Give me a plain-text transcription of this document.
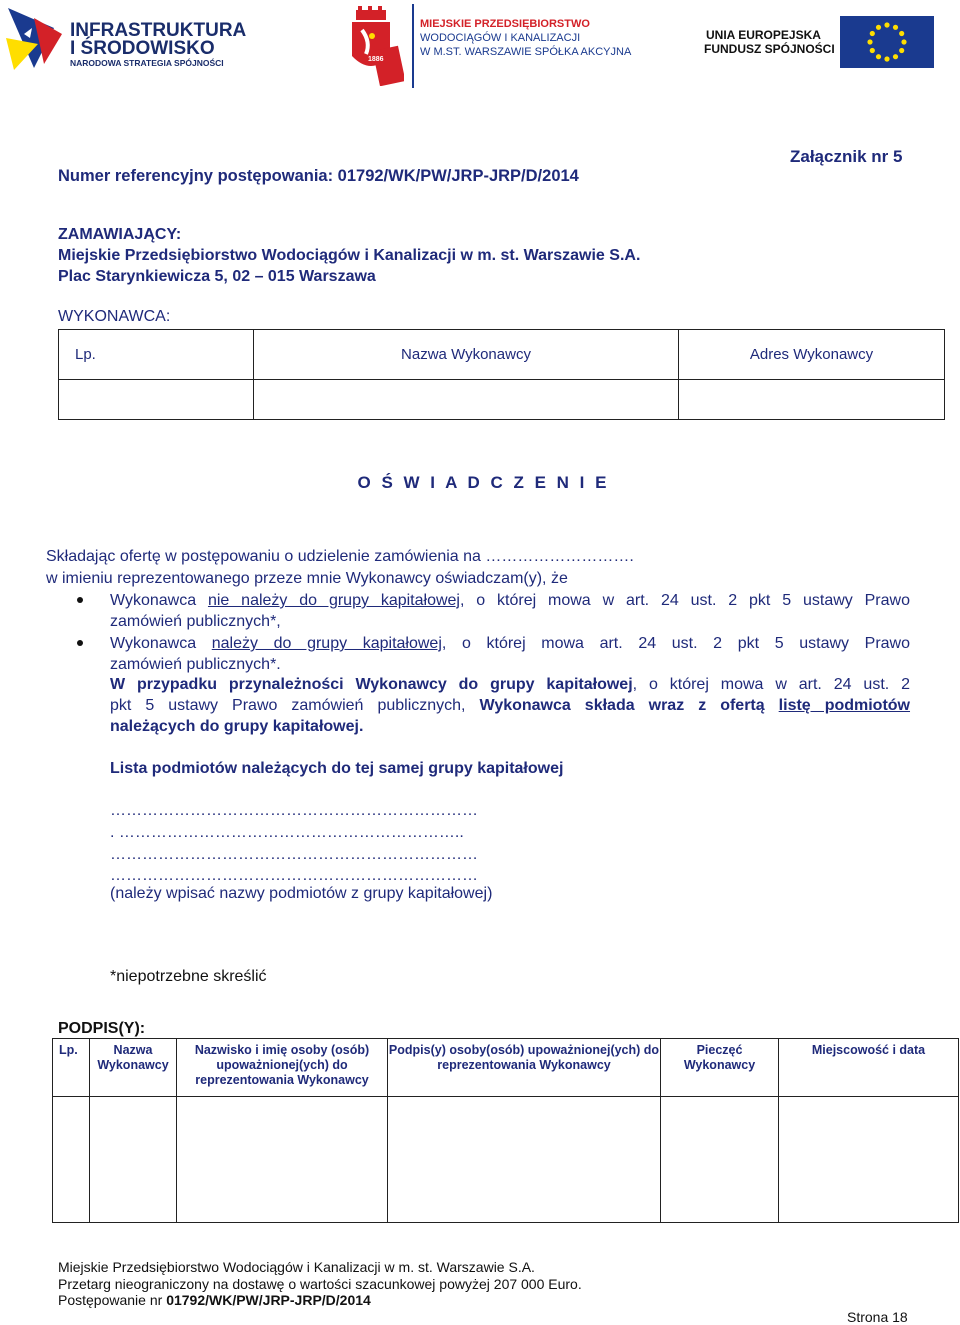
INFRASTRUKTURA
I ŚRODOWISKO
NARODOWA STRATEGIA SPÓJNOŚCI	1886
MIEJSKIE PRZEDSIĘBIORSTWO
WODOCIĄGÓW I KANALIZACJI
W M.ST. WARSZAWIE SPÓŁKA AKCYJNA
UNIA EUROPEJSKA
FUNDUSZ SPÓJNOŚCI
Załącznik nr 5
Numer referencyjny postępowania: 01792/WK/PW/JRP-JRP/D/2014
ZAMAWIAJĄCY:
Miejskie Przedsiębiorstwo Wodociągów i Kanalizacji w m. st. Warszawie S.A.
Plac Starynkiewicza 5, 02 – 015 Warszawa
WYKONAWCA:
Lp.	Nazwa Wykonawcy	Adres Wykonawcy

O Ś W I A D C Z E N I E
Składając ofertę w postępowaniu o udzielenie zamówienia na ……………………….
w imieniu reprezentowanego przeze mnie Wykonawcy oświadczam(y), że
Wykonawca nie należy do grupy kapitałowej, o której mowa w art. 24 ust. 2 pkt 5 ustawy Prawo
zamówień publicznych*,
Wykonawca należy do grupy kapitałowej, o której mowa art. 24 ust. 2 pkt 5 ustawy Prawo
zamówień publicznych*.
W przypadku przynależności Wykonawcy do grupy kapitałowej, o której mowa w art. 24 ust. 2
pkt 5 ustawy Prawo zamówień publicznych, Wykonawca składa wraz z ofertą listę podmiotów
należących do grupy kapitałowej.
Lista podmiotów należących do tej samej grupy kapitałowej
……………………………………………………………
. ………………………………………………………..
……………………………………………………………
……………………………………………………………
(należy wpisać nazwy podmiotów z grupy kapitałowej)
*niepotrzebne skreślić
PODPIS(Y):
Lp.	Nazwa Wykonawcy	Nazwisko i imię osoby (osób) upoważnionej(ych) do reprezentowania Wykonawcy	Podpis(y) osoby(osób) upoważnionej(ych) do reprezentowania Wykonawcy	Pieczęć Wykonawcy	Miejscowość i data

Miejskie Przedsiębiorstwo Wodociągów i Kanalizacji w m. st. Warszawie S.A.
Przetarg nieograniczony na dostawę o wartości szacunkowej powyżej 207 000 Euro.
Postępowanie nr 01792/WK/PW/JRP-JRP/D/2014
Strona 18
